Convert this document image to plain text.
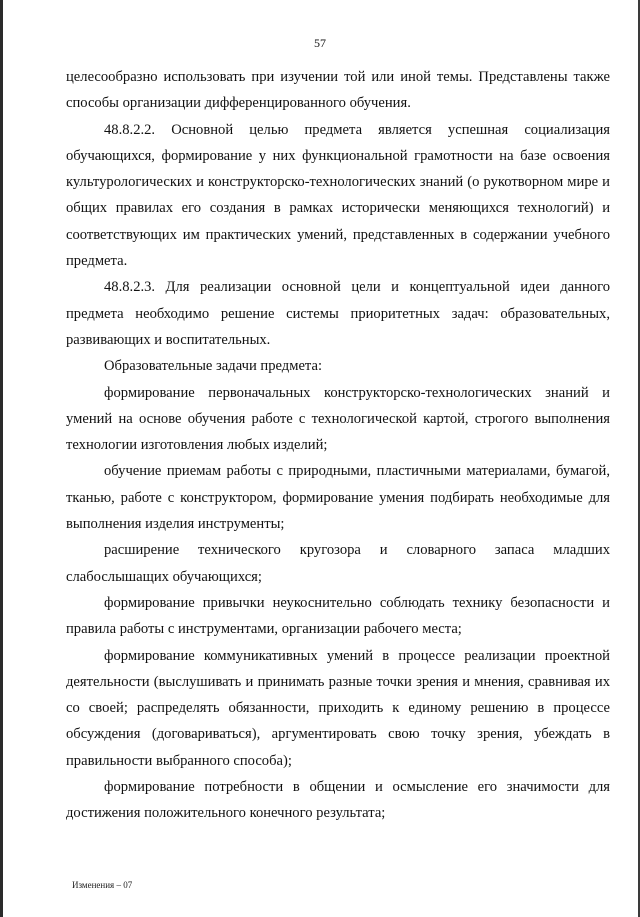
57

целесообразно использовать при изучении той или иной темы. Представлены также способы организации дифференцированного обучения.

48.8.2.2. Основной целью предмета является успешная социализация обучающихся, формирование у них функциональной грамотности на базе освоения культурологических и конструкторско-технологических знаний (о рукотворном мире и общих правилах его создания в рамках исторически меняющихся технологий) и соответствующих им практических умений, представленных в содержании учебного предмета.

48.8.2.3. Для реализации основной цели и концептуальной идеи данного предмета необходимо решение системы приоритетных задач: образовательных, развивающих и воспитательных.

Образовательные задачи предмета:

формирование первоначальных конструкторско-технологических знаний и умений на основе обучения работе с технологической картой, строгого выполнения технологии изготовления любых изделий;

обучение приемам работы с природными, пластичными материалами, бумагой, тканью, работе с конструктором, формирование умения подбирать необходимые для выполнения изделия инструменты;

расширение технического кругозора и словарного запаса младших слабослышащих обучающихся;

формирование привычки неукоснительно соблюдать технику безопасности и правила работы с инструментами, организации рабочего места;

формирование коммуникативных умений в процессе реализации проектной деятельности (выслушивать и принимать разные точки зрения и мнения, сравнивая их со своей; распределять обязанности, приходить к единому решению в процессе обсуждения (договариваться), аргументировать свою точку зрения, убеждать в правильности выбранного способа);

формирование потребности в общении и осмысление его значимости для достижения положительного конечного результата;

Изменения – 07
